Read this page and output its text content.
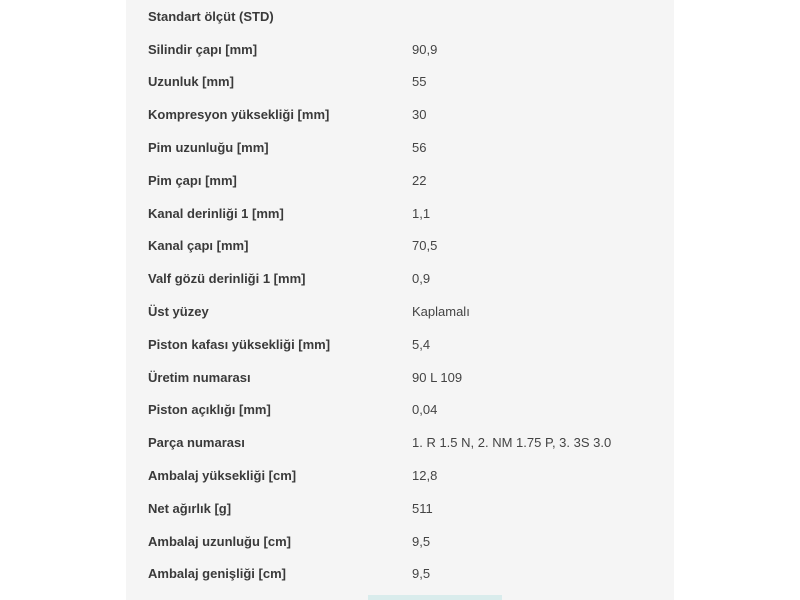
Standart ölçüt (STD)
Silindir çapı [mm]	90,9
Uzunluk [mm]	55
Kompresyon yüksekliği [mm]	30
Pim uzunluğu [mm]	56
Pim çapı [mm]	22
Kanal derinliği 1 [mm]	1,1
Kanal çapı [mm]	70,5
Valf gözü derinliği 1 [mm]	0,9
Üst yüzey	Kaplamalı
Piston kafası yüksekliği [mm]	5,4
Üretim numarası	90 L 109
Piston açıklığı [mm]	0,04
Parça numarası	1. R 1.5 N, 2. NM 1.75 P, 3. 3S 3.0
Ambalaj yüksekliği [cm]	12,8
Net ağırlık [g]	511
Ambalaj uzunluğu [cm]	9,5
Ambalaj genişliği [cm]	9,5
